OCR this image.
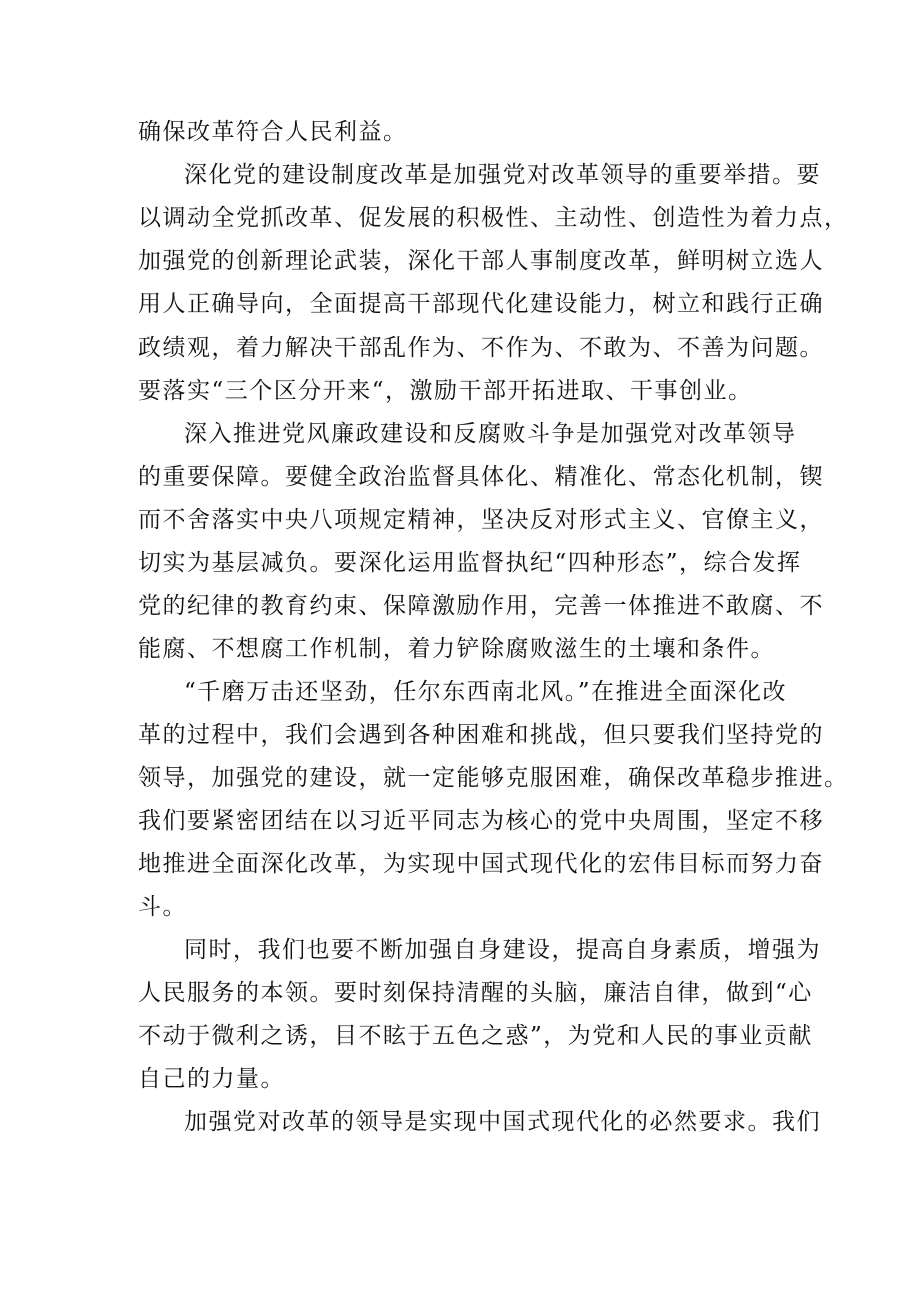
确保改革符合人民利益。
深化党的建设制度改革是加强党对改革领导的重要举措。要
以调动全党抓改革、促发展的积极性、主动性、创造性为着力点，
加强党的创新理论武装，深化干部人事制度改革，鲜明树立选人
用人正确导向，全面提高干部现代化建设能力，树立和践行正确
政绩观，着力解决干部乱作为、不作为、不敢为、不善为问题。
要落实“三个区分开来“，激励干部开拓进取、干事创业。
深入推进党风廉政建设和反腐败斗争是加强党对改革领导
的重要保障。要健全政治监督具体化、精准化、常态化机制，锲
而不舍落实中央八项规定精神，坚决反对形式主义、官僚主义，
切实为基层减负。要深化运用监督执纪“四种形态”，综合发挥
党的纪律的教育约束、保障激励作用，完善一体推进不敢腐、不
能腐、不想腐工作机制，着力铲除腐败滋生的土壤和条件。
“千磨万击还坚劲，任尔东西南北风。”在推进全面深化改
革的过程中，我们会遇到各种困难和挑战，但只要我们坚持党的
领导，加强党的建设，就一定能够克服困难，确保改革稳步推进。
我们要紧密团结在以习近平同志为核心的党中央周围，坚定不移
地推进全面深化改革，为实现中国式现代化的宏伟目标而努力奋
斗。
同时，我们也要不断加强自身建设，提高自身素质，增强为
人民服务的本领。要时刻保持清醒的头脑，廉洁自律，做到“心
不动于微利之诱，目不眩于五色之惑”，为党和人民的事业贡献
自己的力量。
加强党对改革的领导是实现中国式现代化的必然要求。我们
